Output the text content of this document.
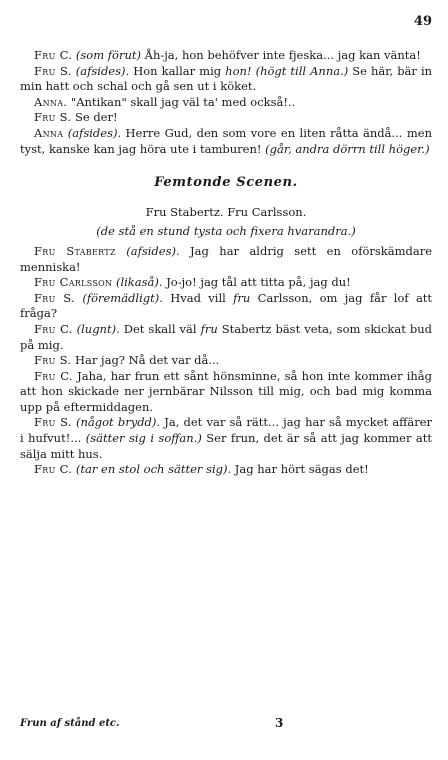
49

Fru C. (som förut) Åh-ja, hon behöfver inte fjeska... jag kan vänta!

Fru S. (afsides). Hon kallar mig hon! (högt till Anna.) Se här, bär in min hatt och schal och gå sen ut i köket.

Anna. "Antikan" skall jag väl ta' med också!..

Fru S. Se der!

Anna (afsides). Herre Gud, den som vore en liten råtta ändå... men tyst, kanske kan jag höra ute i tamburen! (går, andra dörrn till höger.)

Femtonde Scenen.

Fru Stabertz. Fru Carlsson.

(de stå en stund tysta och fixera hvarandra.)

Fru Stabertz (afsides). Jag har aldrig sett en oförskämdare menniska!

Fru Carlsson (likaså). Jo-jo! jag tål att titta på, jag du!

Fru S. (föremädligt). Hvad vill fru Carlsson, om jag får lof att fråga?

Fru C. (lugnt). Det skall väl fru Stabertz bäst veta, som skickat bud på mig.

Fru S. Har jag? Nå det var då...

Fru C. Jaha, har frun ett sånt hönsminne, så hon inte kommer ihåg att hon skickade ner jernbärar Nilsson till mig, och bad mig komma upp på eftermiddagen.

Fru S. (något brydd). Ja, det var så rätt... jag har så mycket affärer i hufvut!... (sätter sig i soffan.) Ser frun, det är så att jag kommer att sälja mitt hus.

Fru C. (tar en stol och sätter sig). Jag har hört sägas det!

Frun af stånd etc.	3
